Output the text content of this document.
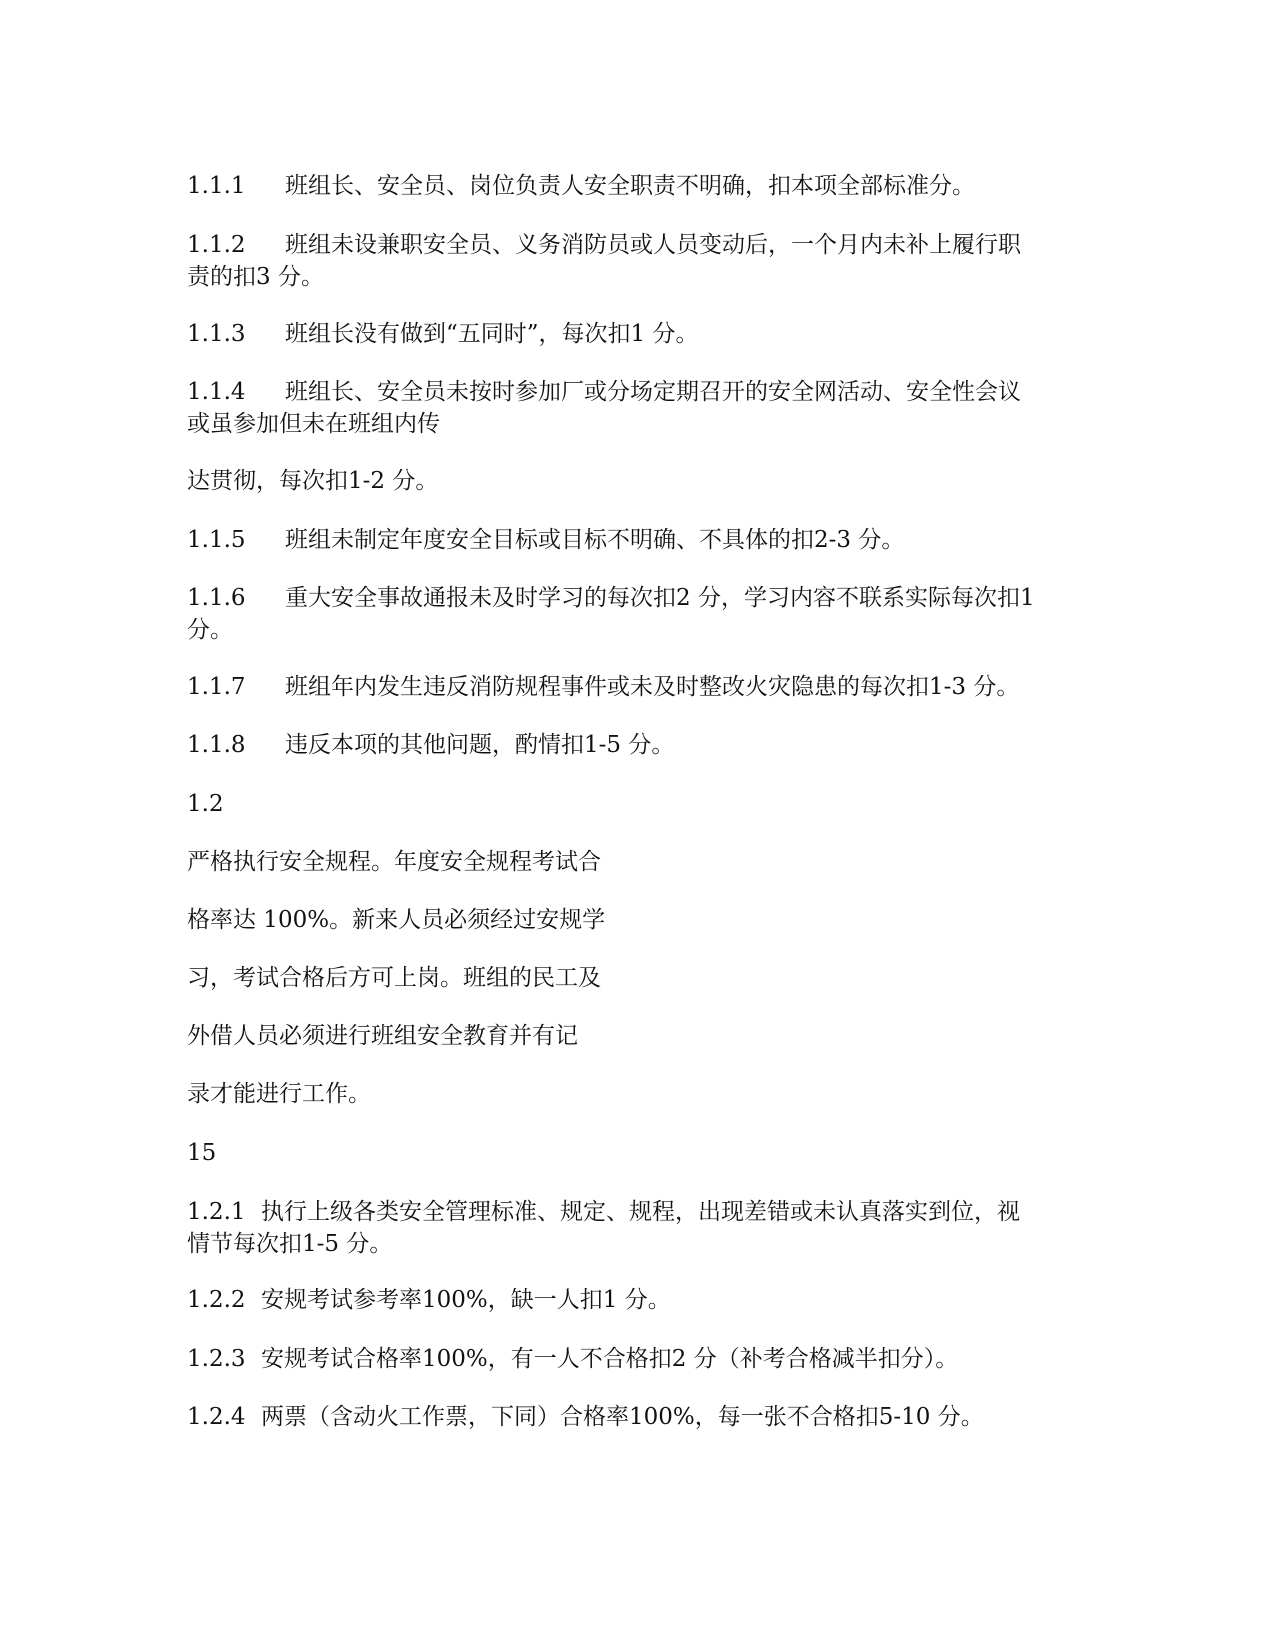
1.1.1 班组长、安全员、岗位负责人安全职责不明确，扣本项全部标准分。
1.1.2 班组未设兼职安全员、义务消防员或人员变动后，一个月内未补上履行职
责的扣3 分。
1.1.3 班组长没有做到“五同时”，每次扣1 分。
1.1.4 班组长、安全员未按时参加厂或分场定期召开的安全网活动、安全性会议
或虽参加但未在班组内传
达贯彻，每次扣1-2 分。
1.1.5 班组未制定年度安全目标或目标不明确、不具体的扣2-3 分。
1.1.6 重大安全事故通报未及时学习的每次扣2 分，学习内容不联系实际每次扣1
分。
1.1.7 班组年内发生违反消防规程事件或未及时整改火灾隐患的每次扣1-3 分。
1.1.8 违反本项的其他问题，酌情扣1-5 分。
1.2
严格执行安全规程。年度安全规程考试合
格率达 100%。新来人员必须经过安规学
习，考试合格后方可上岗。班组的民工及
外借人员必须进行班组安全教育并有记
录才能进行工作。
15
1.2.1 执行上级各类安全管理标准、规定、规程，出现差错或未认真落实到位，视
情节每次扣1-5 分。
1.2.2 安规考试参考率100%，缺一人扣1 分。
1.2.3 安规考试合格率100%，有一人不合格扣2 分（补考合格减半扣分）。
1.2.4 两票（含动火工作票，下同）合格率100%，每一张不合格扣5-10 分。
